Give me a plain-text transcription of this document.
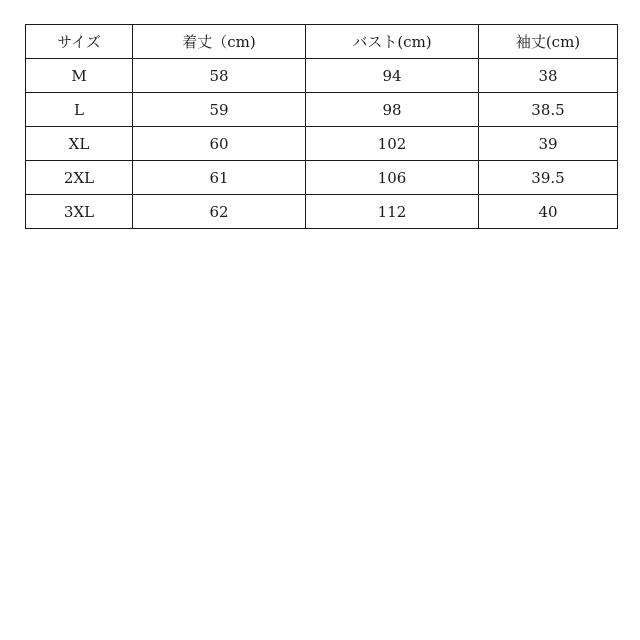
サイズ	着丈（cm)	バスト(cm)	袖丈(cm)
M	58	94	38
L	59	98	38.5
XL	60	102	39
2XL	61	106	39.5
3XL	62	112	40
